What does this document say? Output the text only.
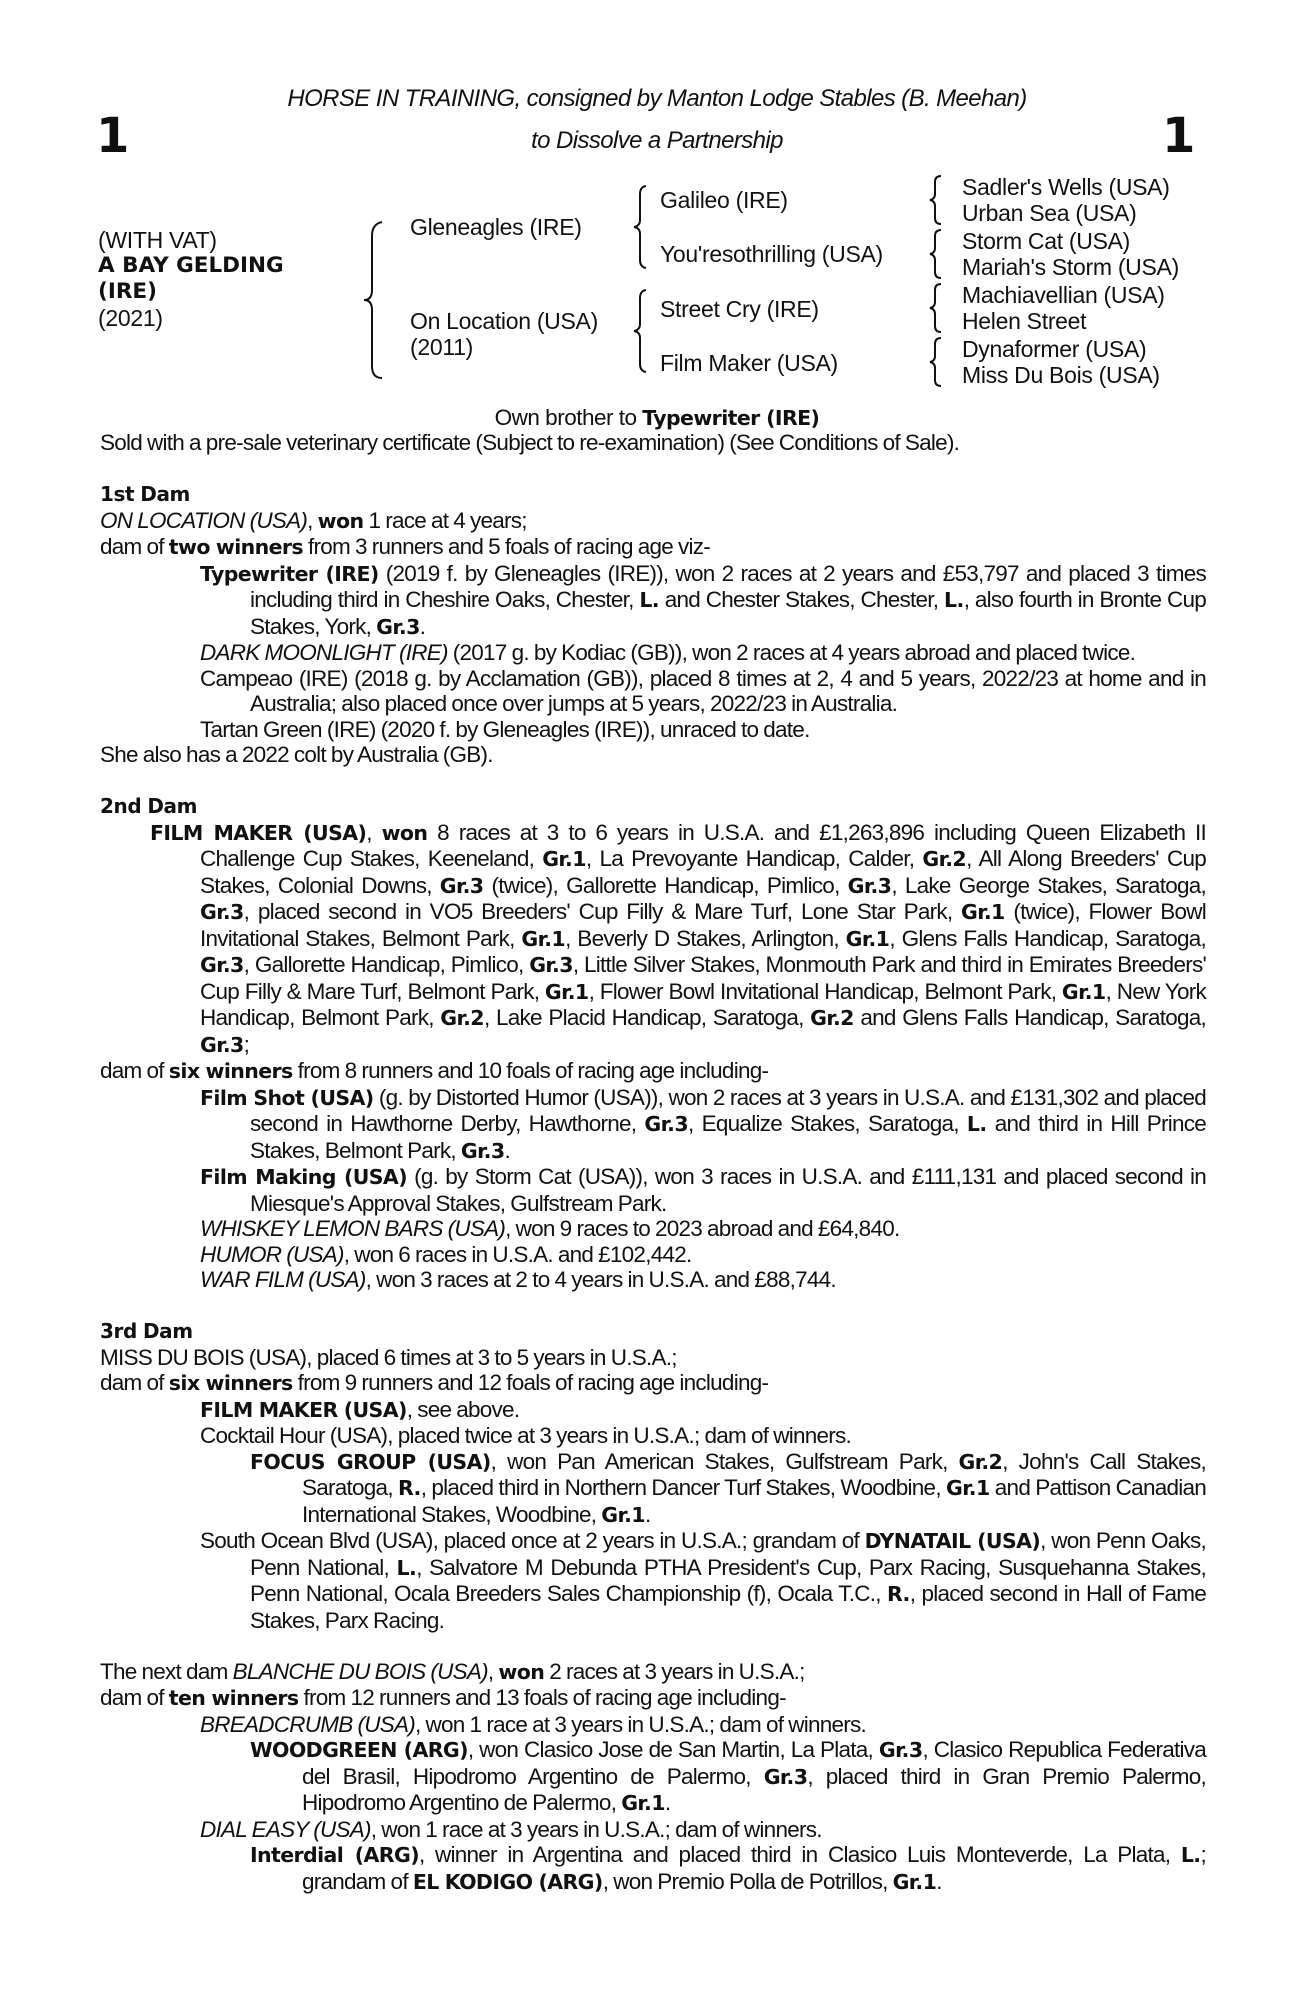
1	1
HORSE IN TRAINING, consigned by Manton Lodge Stables (B. Meehan)
to Dissolve a Partnership
(WITH VAT)
A BAY GELDING
(IRE)
(2021)
Gleneagles (IRE)
On Location (USA)
(2011)
Galileo (IRE)
You'resothrilling (USA)
Street Cry (IRE)
Film Maker (USA)
Sadler's Wells (USA)
Urban Sea (USA)
Storm Cat (USA)
Mariah's Storm (USA)
Machiavellian (USA)
Helen Street
Dynaformer (USA)
Miss Du Bois (USA)
Own brother to Typewriter (IRE)

Sold with a pre-sale veterinary certificate (Subject to re-examination) (See Conditions of Sale).

1st Dam

ON LOCATION (USA), won 1 race at 4 years;

dam of two winners from 3 runners and 5 foals of racing age viz-

Typewriter (IRE) (2019 f. by Gleneagles (IRE)), won 2 races at 2 years and £53,797 and placed 3 times including third in Cheshire Oaks, Chester, L. and Chester Stakes, Chester, L., also fourth in Bronte Cup Stakes, York, Gr.3.

DARK MOONLIGHT (IRE) (2017 g. by Kodiac (GB)), won 2 races at 4 years abroad and placed twice.

Campeao (IRE) (2018 g. by Acclamation (GB)), placed 8 times at 2, 4 and 5 years, 2022/23 at home and in Australia; also placed once over jumps at 5 years, 2022/23 in Australia.

Tartan Green (IRE) (2020 f. by Gleneagles (IRE)), unraced to date.

She also has a 2022 colt by Australia (GB).

2nd Dam

FILM MAKER (USA), won 8 races at 3 to 6 years in U.S.A. and £1,263,896 including Queen Elizabeth II Challenge Cup Stakes, Keeneland, Gr.1, La Prevoyante Handicap, Calder, Gr.2, All Along Breeders' Cup Stakes, Colonial Downs, Gr.3 (twice), Gallorette Handicap, Pimlico, Gr.3, Lake George Stakes, Saratoga, Gr.3, placed second in VO5 Breeders' Cup Filly & Mare Turf, Lone Star Park, Gr.1 (twice), Flower Bowl Invitational Stakes, Belmont Park, Gr.1, Beverly D Stakes, Arlington, Gr.1, Glens Falls Handicap, Saratoga, Gr.3, Gallorette Handicap, Pimlico, Gr.3, Little Silver Stakes, Monmouth Park and third in Emirates Breeders' Cup Filly & Mare Turf, Belmont Park, Gr.1, Flower Bowl Invitational Handicap, Belmont Park, Gr.1, New York Handicap, Belmont Park, Gr.2, Lake Placid Handicap, Saratoga, Gr.2 and Glens Falls Handicap, Saratoga, Gr.3;

dam of six winners from 8 runners and 10 foals of racing age including-

Film Shot (USA) (g. by Distorted Humor (USA)), won 2 races at 3 years in U.S.A. and £131,302 and placed second in Hawthorne Derby, Hawthorne, Gr.3, Equalize Stakes, Saratoga, L. and third in Hill Prince Stakes, Belmont Park, Gr.3.

Film Making (USA) (g. by Storm Cat (USA)), won 3 races in U.S.A. and £111,131 and placed second in Miesque's Approval Stakes, Gulfstream Park.

WHISKEY LEMON BARS (USA), won 9 races to 2023 abroad and £64,840.

HUMOR (USA), won 6 races in U.S.A. and £102,442.

WAR FILM (USA), won 3 races at 2 to 4 years in U.S.A. and £88,744.

3rd Dam

MISS DU BOIS (USA), placed 6 times at 3 to 5 years in U.S.A.;

dam of six winners from 9 runners and 12 foals of racing age including-

FILM MAKER (USA), see above.

Cocktail Hour (USA), placed twice at 3 years in U.S.A.; dam of winners.

FOCUS GROUP (USA), won Pan American Stakes, Gulfstream Park, Gr.2, John's Call Stakes, Saratoga, R., placed third in Northern Dancer Turf Stakes, Woodbine, Gr.1 and Pattison Canadian International Stakes, Woodbine, Gr.1.

South Ocean Blvd (USA), placed once at 2 years in U.S.A.; grandam of DYNATAIL (USA), won Penn Oaks, Penn National, L., Salvatore M Debunda PTHA President's Cup, Parx Racing, Susquehanna Stakes, Penn National, Ocala Breeders Sales Championship (f), Ocala T.C., R., placed second in Hall of Fame Stakes, Parx Racing.

The next dam BLANCHE DU BOIS (USA), won 2 races at 3 years in U.S.A.;

dam of ten winners from 12 runners and 13 foals of racing age including-

BREADCRUMB (USA), won 1 race at 3 years in U.S.A.; dam of winners.

WOODGREEN (ARG), won Clasico Jose de San Martin, La Plata, Gr.3, Clasico Republica Federativa del Brasil, Hipodromo Argentino de Palermo, Gr.3, placed third in Gran Premio Palermo, Hipodromo Argentino de Palermo, Gr.1.

DIAL EASY (USA), won 1 race at 3 years in U.S.A.; dam of winners.

Interdial (ARG), winner in Argentina and placed third in Clasico Luis Monteverde, La Plata, L.; grandam of EL KODIGO (ARG), won Premio Polla de Potrillos, Gr.1.
